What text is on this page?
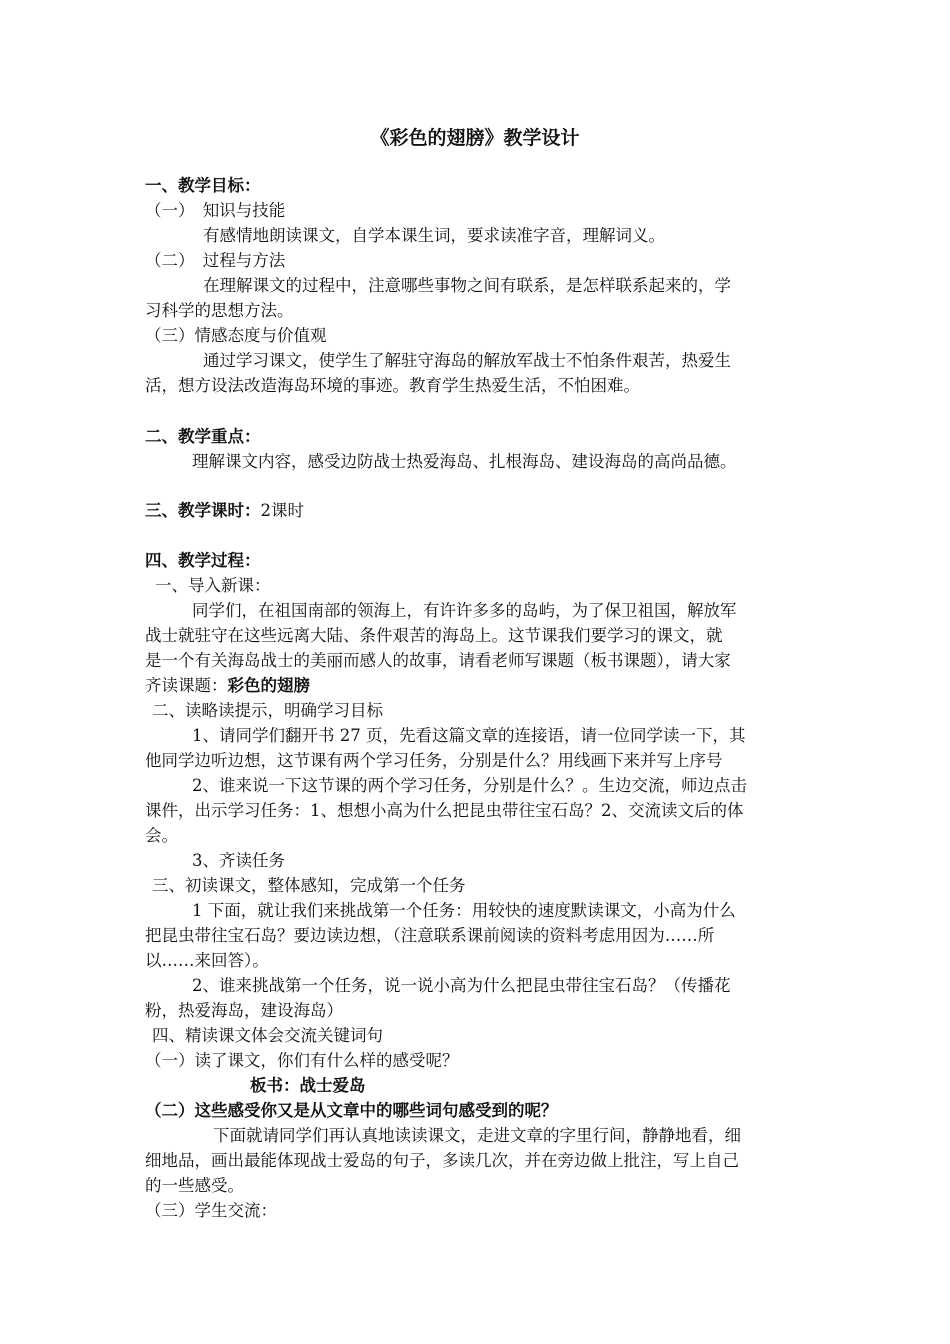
《彩色的翅膀》教学设计
一、教学目标：
（一）　知识与技能
有感情地朗读课文，自学本课生词，要求读准字音，理解词义。
（二）　过程与方法
在理解课文的过程中，注意哪些事物之间有联系，是怎样联系起来的，学
习科学的思想方法。
（三）情感态度与价值观
通过学习课文，使学生了解驻守海岛的解放军战士不怕条件艰苦，热爱生
活，想方设法改造海岛环境的事迹。教育学生热爱生活，不怕困难。
二、教学重点：
理解课文内容，感受边防战士热爱海岛、扎根海岛、建设海岛的高尚品德。
三、教学课时：2课时
四、教学过程：
一、导入新课：
同学们，在祖国南部的领海上，有许许多多的岛屿，为了保卫祖国，解放军
战士就驻守在这些远离大陆、条件艰苦的海岛上。这节课我们要学习的课文，就
是一个有关海岛战士的美丽而感人的故事，请看老师写课题（板书课题），请大家
齐读课题：彩色的翅膀
二、读略读提示，明确学习目标
1、请同学们翻开书 27 页，先看这篇文章的连接语，请一位同学读一下，其
他同学边听边想，这节课有两个学习任务，分别是什么？用线画下来并写上序号
2、谁来说一下这节课的两个学习任务，分别是什么？。生边交流，师边点击
课件，出示学习任务：1、想想小高为什么把昆虫带往宝石岛？2、交流读文后的体
会。
3、齐读任务
三、初读课文，整体感知，完成第一个任务
1 下面，就让我们来挑战第一个任务：用较快的速度默读课文，小高为什么
把昆虫带往宝石岛？要边读边想，（注意联系课前阅读的资料考虑用因为……所
以……来回答）。
2、谁来挑战第一个任务，说一说小高为什么把昆虫带往宝石岛？（传播花
粉，热爱海岛，建设海岛）
四、精读课文体会交流关键词句
（一）读了课文，你们有什么样的感受呢？
板书：战士爱岛
（二）这些感受你又是从文章中的哪些词句感受到的呢？
下面就请同学们再认真地读读课文，走进文章的字里行间，静静地看，细
细地品，画出最能体现战士爱岛的句子，多读几次，并在旁边做上批注，写上自己
的一些感受。
（三）学生交流：
